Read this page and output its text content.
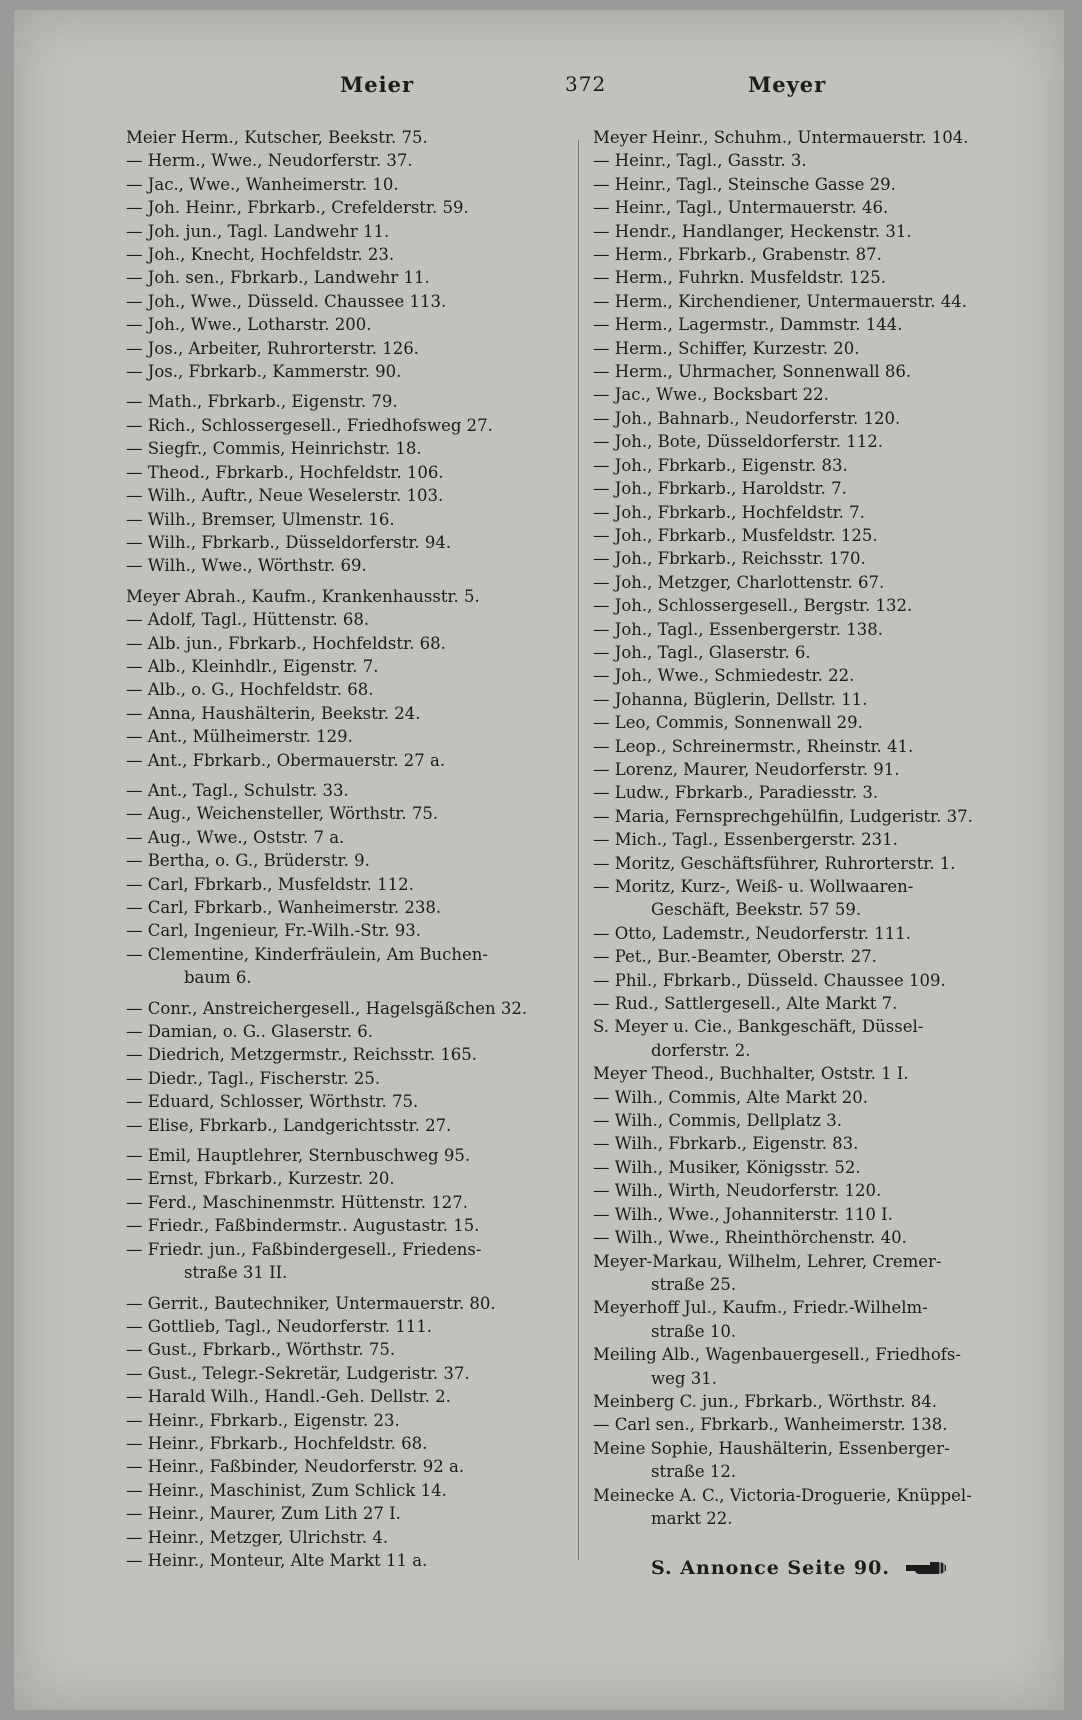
Meier	372	Meyer
Meier Herm., Kutscher, Beekstr. 75.
— Herm., Wwe., Neudorferstr. 37.
— Jac., Wwe., Wanheimerstr. 10.
— Joh. Heinr., Fbrkarb., Crefelderstr. 59.
— Joh. jun., Tagl. Landwehr 11.
— Joh., Knecht, Hochfeldstr. 23.
— Joh. sen., Fbrkarb., Landwehr 11.
— Joh., Wwe., Düsseld. Chaussee 113.
— Joh., Wwe., Lotharstr. 200.
— Jos., Arbeiter, Ruhrorterstr. 126.
— Jos., Fbrkarb., Kammerstr. 90.
— Math., Fbrkarb., Eigenstr. 79.
— Rich., Schlossergesell., Friedhofsweg 27.
— Siegfr., Commis, Heinrichstr. 18.
— Theod., Fbrkarb., Hochfeldstr. 106.
— Wilh., Auftr., Neue Weselerstr. 103.
— Wilh., Bremser, Ulmenstr. 16.
— Wilh., Fbrkarb., Düsseldorferstr. 94.
— Wilh., Wwe., Wörthstr. 69.
Meyer Abrah., Kaufm., Krankenhausstr. 5.
— Adolf, Tagl., Hüttenstr. 68.
— Alb. jun., Fbrkarb., Hochfeldstr. 68.
— Alb., Kleinhdlr., Eigenstr. 7.
— Alb., o. G., Hochfeldstr. 68.
— Anna, Haushälterin, Beekstr. 24.
— Ant., Mülheimerstr. 129.
— Ant., Fbrkarb., Obermauerstr. 27 a.
— Ant., Tagl., Schulstr. 33.
— Aug., Weichensteller, Wörthstr. 75.
— Aug., Wwe., Oststr. 7 a.
— Bertha, o. G., Brüderstr. 9.
— Carl, Fbrkarb., Musfeldstr. 112.
— Carl, Fbrkarb., Wanheimerstr. 238.
— Carl, Ingenieur, Fr.-Wilh.-Str. 93.
— Clementine, Kinderfräulein, Am Buchen-
baum 6.
— Conr., Anstreichergesell., Hagelsgäßchen 32.
— Damian, o. G.. Glaserstr. 6.
— Diedrich, Metzgermstr., Reichsstr. 165.
— Diedr., Tagl., Fischerstr. 25.
— Eduard, Schlosser, Wörthstr. 75.
— Elise, Fbrkarb., Landgerichtsstr. 27.
— Emil, Hauptlehrer, Sternbuschweg 95.
— Ernst, Fbrkarb., Kurzestr. 20.
— Ferd., Maschinenmstr. Hüttenstr. 127.
— Friedr., Faßbindermstr.. Augustastr. 15.
— Friedr. jun., Faßbindergesell., Friedens-
straße 31 II.
— Gerrit., Bautechniker, Untermauerstr. 80.
— Gottlieb, Tagl., Neudorferstr. 111.
— Gust., Fbrkarb., Wörthstr. 75.
— Gust., Telegr.-Sekretär, Ludgeristr. 37.
— Harald Wilh., Handl.-Geh. Dellstr. 2.
— Heinr., Fbrkarb., Eigenstr. 23.
— Heinr., Fbrkarb., Hochfeldstr. 68.
— Heinr., Faßbinder, Neudorferstr. 92 a.
— Heinr., Maschinist, Zum Schlick 14.
— Heinr., Maurer, Zum Lith 27 I.
— Heinr., Metzger, Ulrichstr. 4.
— Heinr., Monteur, Alte Markt 11 a.
Meyer Heinr., Schuhm., Untermauerstr. 104.
— Heinr., Tagl., Gasstr. 3.
— Heinr., Tagl., Steinsche Gasse 29.
— Heinr., Tagl., Untermauerstr. 46.
— Hendr., Handlanger, Heckenstr. 31.
— Herm., Fbrkarb., Grabenstr. 87.
— Herm., Fuhrkn. Musfeldstr. 125.
— Herm., Kirchendiener, Untermauerstr. 44.
— Herm., Lagermstr., Dammstr. 144.
— Herm., Schiffer, Kurzestr. 20.
— Herm., Uhrmacher, Sonnenwall 86.
— Jac., Wwe., Bocksbart 22.
— Joh., Bahnarb., Neudorferstr. 120.
— Joh., Bote, Düsseldorferstr. 112.
— Joh., Fbrkarb., Eigenstr. 83.
— Joh., Fbrkarb., Haroldstr. 7.
— Joh., Fbrkarb., Hochfeldstr. 7.
— Joh., Fbrkarb., Musfeldstr. 125.
— Joh., Fbrkarb., Reichsstr. 170.
— Joh., Metzger, Charlottenstr. 67.
— Joh., Schlossergesell., Bergstr. 132.
— Joh., Tagl., Essenbergerstr. 138.
— Joh., Tagl., Glaserstr. 6.
— Joh., Wwe., Schmiedestr. 22.
— Johanna, Büglerin, Dellstr. 11.
— Leo, Commis, Sonnenwall 29.
— Leop., Schreinermstr., Rheinstr. 41.
— Lorenz, Maurer, Neudorferstr. 91.
— Ludw., Fbrkarb., Paradiesstr. 3.
— Maria, Fernsprechgehülfin, Ludgeristr. 37.
— Mich., Tagl., Essenbergerstr. 231.
— Moritz, Geschäftsführer, Ruhrorterstr. 1.
— Moritz, Kurz-, Weiß- u. Wollwaaren-
Geschäft, Beekstr. 57 59.
— Otto, Lademstr., Neudorferstr. 111.
— Pet., Bur.-Beamter, Oberstr. 27.
— Phil., Fbrkarb., Düsseld. Chaussee 109.
— Rud., Sattlergesell., Alte Markt 7.
S. Meyer u. Cie., Bankgeschäft, Düssel-
dorferstr. 2.
Meyer Theod., Buchhalter, Oststr. 1 I.
— Wilh., Commis, Alte Markt 20.
— Wilh., Commis, Dellplatz 3.
— Wilh., Fbrkarb., Eigenstr. 83.
— Wilh., Musiker, Königsstr. 52.
— Wilh., Wirth, Neudorferstr. 120.
— Wilh., Wwe., Johanniterstr. 110 I.
— Wilh., Wwe., Rheinthörchenstr. 40.
Meyer-Markau, Wilhelm, Lehrer, Cremer-
straße 25.
Meyerhoff Jul., Kaufm., Friedr.-Wilhelm-
straße 10.
Meiling Alb., Wagenbauergesell., Friedhofs-
weg 31.
Meinberg C. jun., Fbrkarb., Wörthstr. 84.
— Carl sen., Fbrkarb., Wanheimerstr. 138.
Meine Sophie, Haushälterin, Essenberger-
straße 12.
Meinecke A. C., Victoria-Droguerie, Knüppel-
markt 22.
S. Annonce Seite 90.
